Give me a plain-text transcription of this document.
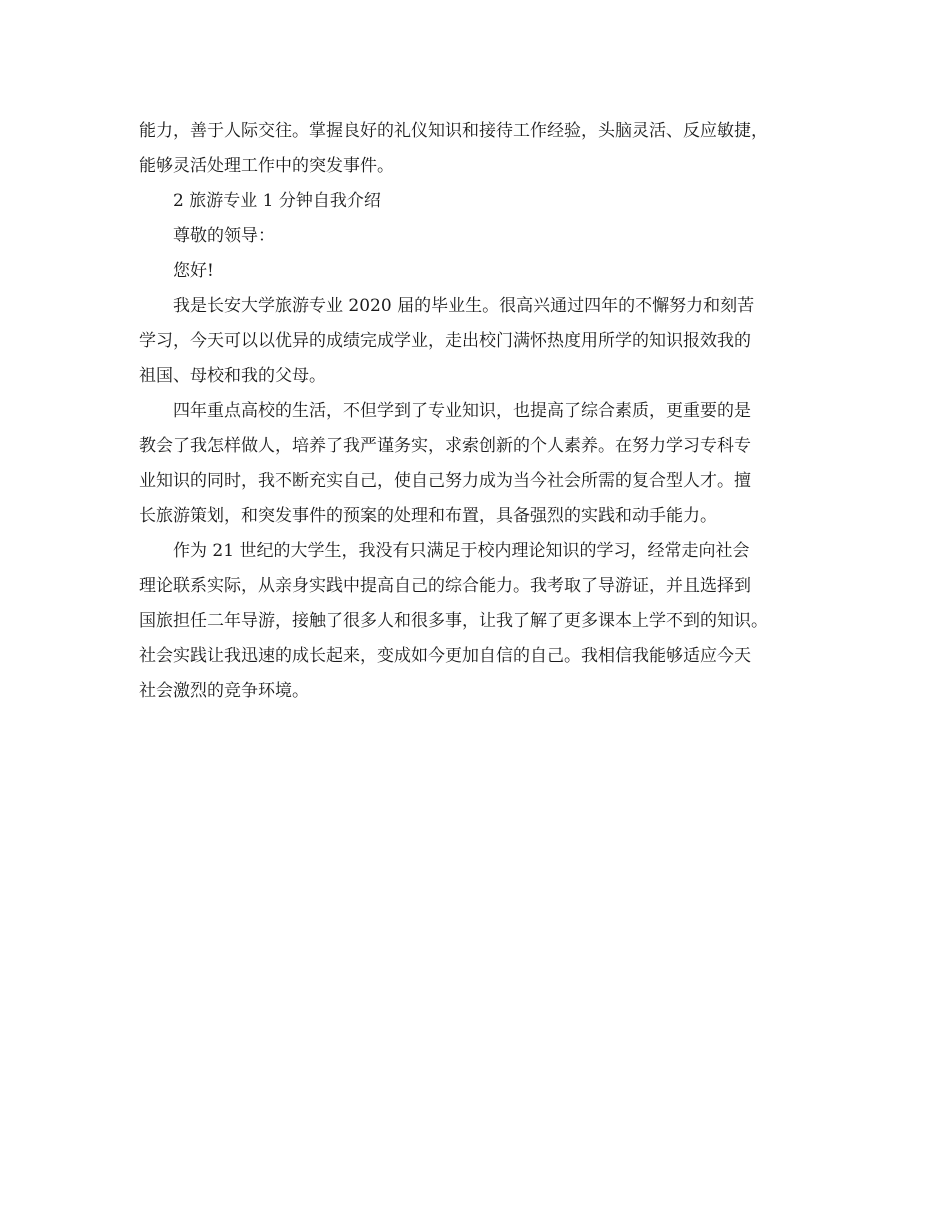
能力，善于人际交往。掌握良好的礼仪知识和接待工作经验，头脑灵活、反应敏捷，
能够灵活处理工作中的突发事件。

2 旅游专业 1 分钟自我介绍

尊敬的领导：

您好!

我是长安大学旅游专业 2020 届的毕业生。很高兴通过四年的不懈努力和刻苦
学习，今天可以以优异的成绩完成学业，走出校门满怀热度用所学的知识报效我的
祖国、母校和我的父母。

四年重点高校的生活，不但学到了专业知识，也提高了综合素质，更重要的是
教会了我怎样做人，培养了我严谨务实，求索创新的个人素养。在努力学习专科专
业知识的同时，我不断充实自己，使自己努力成为当今社会所需的复合型人才。擅
长旅游策划，和突发事件的预案的处理和布置，具备强烈的实践和动手能力。

作为 21 世纪的大学生，我没有只满足于校内理论知识的学习，经常走向社会
理论联系实际，从亲身实践中提高自己的综合能力。我考取了导游证，并且选择到
国旅担任二年导游，接触了很多人和很多事，让我了解了更多课本上学不到的知识。
社会实践让我迅速的成长起来，变成如今更加自信的自己。我相信我能够适应今天
社会激烈的竞争环境。
